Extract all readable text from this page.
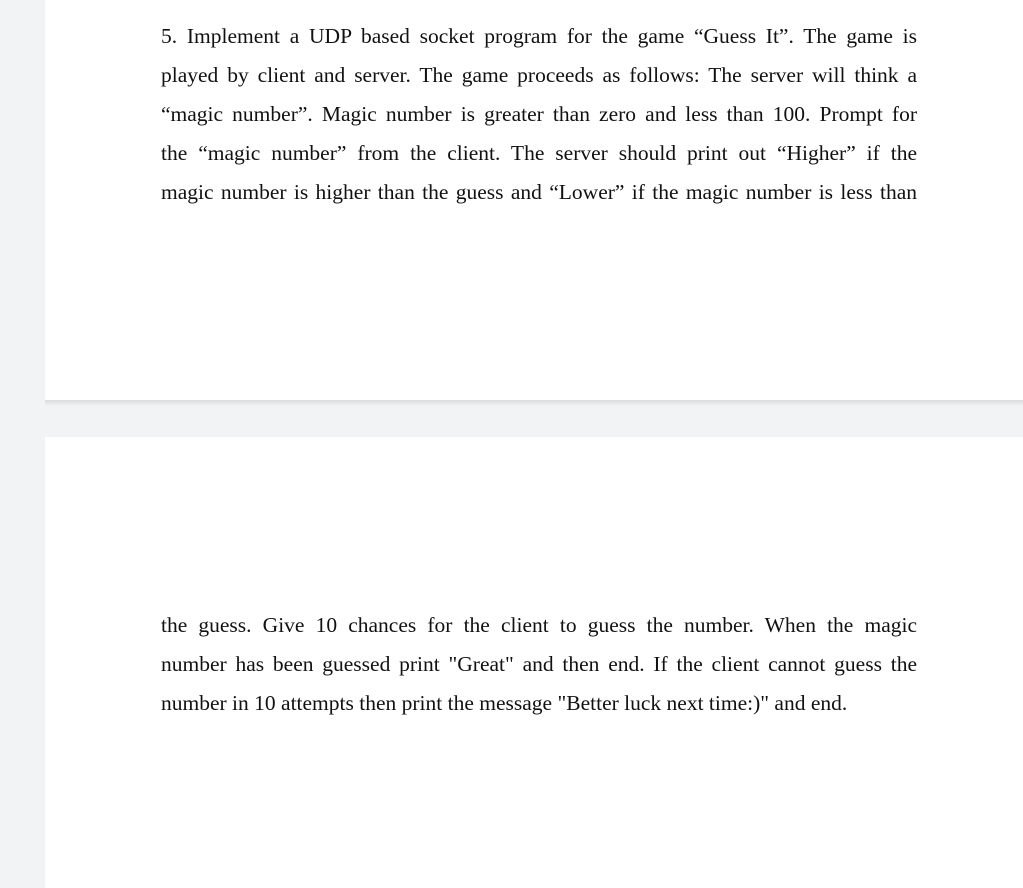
5. Implement a UDP based socket program for the game “Guess It”. The game is
played by client and server. The game proceeds as follows: The server will think a
“magic number”. Magic number is greater than zero and less than 100. Prompt for
the “magic number” from the client. The server should print out “Higher” if the
magic number is higher than the guess and “Lower” if the magic number is less than
the guess. Give 10 chances for the client to guess the number. When the magic
number has been guessed print "Great" and then end. If the client cannot guess the
number in 10 attempts then print the message "Better luck next time:)" and end.
